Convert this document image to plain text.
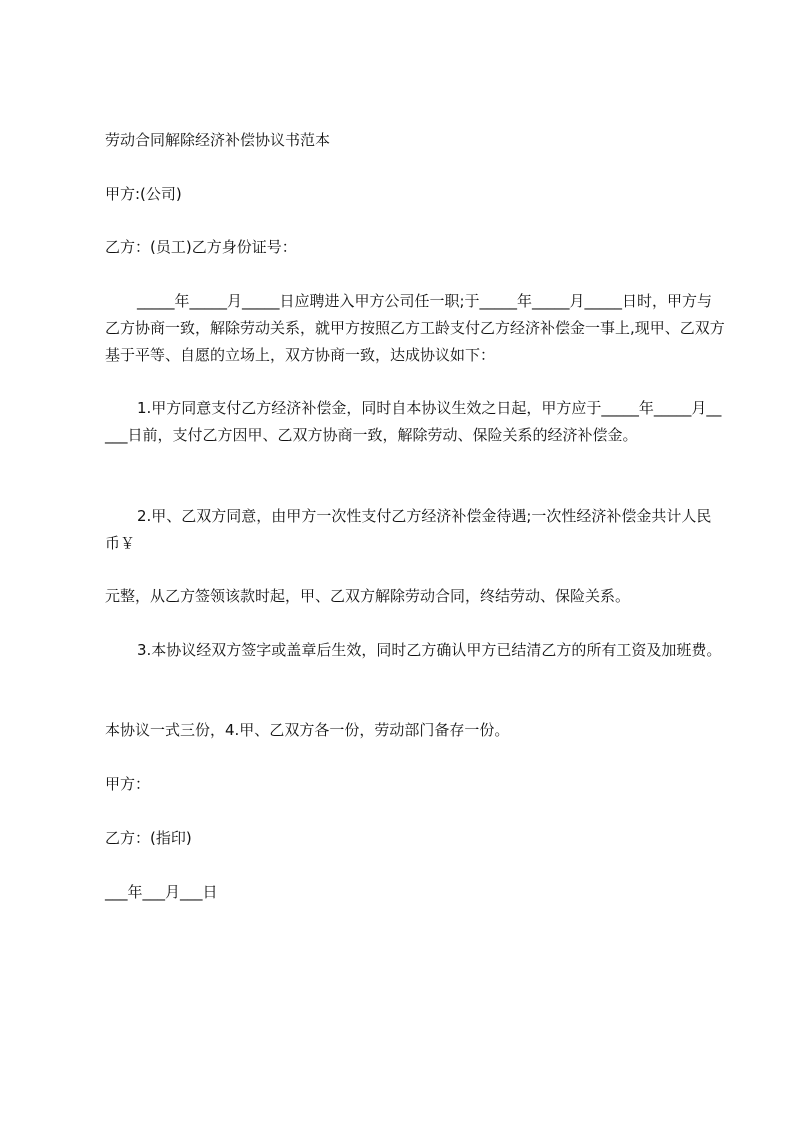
劳动合同解除经济补偿协议书范本

甲方:(公司)

乙方：(员工)乙方身份证号：

_____年_____月_____日应聘进入甲方公司任一职;于_____年_____月_____日时，甲方与乙方协商一致，解除劳动关系，就甲方按照乙方工龄支付乙方经济补偿金一事上,现甲、乙双方基于平等、自愿的立场上，双方协商一致，达成协议如下：

1.甲方同意支付乙方经济补偿金，同时自本协议生效之日起，甲方应于_____年_____月_____日前，支付乙方因甲、乙双方协商一致，解除劳动、保险关系的经济补偿金。

2.甲、乙双方同意，由甲方一次性支付乙方经济补偿金待遇;一次性经济补偿金共计人民币￥

元整，从乙方签领该款时起，甲、乙双方解除劳动合同，终结劳动、保险关系。

3.本协议经双方签字或盖章后生效，同时乙方确认甲方已结清乙方的所有工资及加班费。

本协议一式三份，4.甲、乙双方各一份，劳动部门备存一份。

甲方：

乙方：(指印)

___年___月___日
